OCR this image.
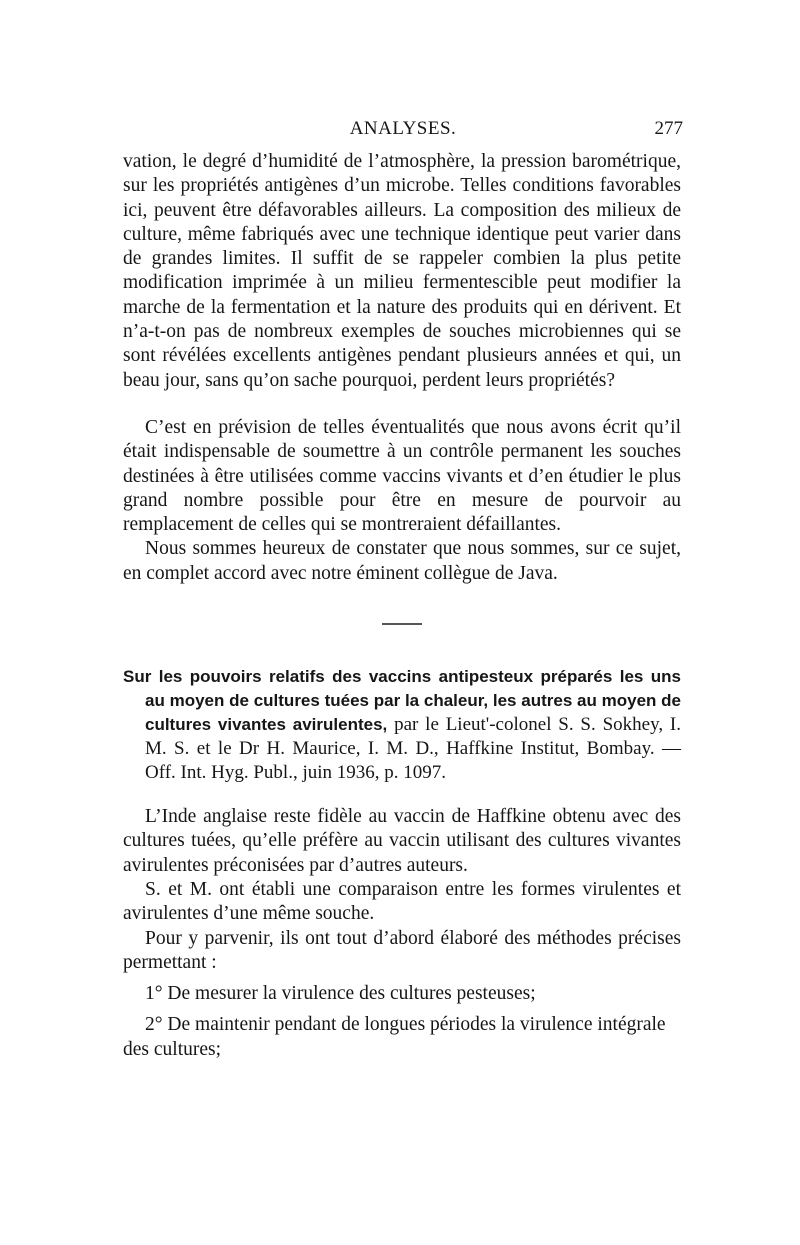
ANALYSES.	277

vation, le degré d’humidité de l’atmosphère, la pression barométrique, sur les propriétés antigènes d’un microbe. Telles conditions favorables ici, peuvent être défavorables ailleurs. La composition des milieux de culture, même fabriqués avec une technique identique peut varier dans de grandes limites. Il suffit de se rappeler combien la plus petite modification imprimée à un milieu fermentescible peut modifier la marche de la fermentation et la nature des produits qui en dérivent. Et n’a-t-on pas de nombreux exemples de souches microbiennes qui se sont révélées excellents antigènes pendant plusieurs années et qui, un beau jour, sans qu’on sache pourquoi, perdent leurs propriétés?

C’est en prévision de telles éventualités que nous avons écrit qu’il était indispensable de soumettre à un contrôle permanent les souches destinées à être utilisées comme vaccins vivants et d’en étudier le plus grand nombre possible pour être en mesure de pourvoir au remplacement de celles qui se montreraient défaillantes.

Nous sommes heureux de constater que nous sommes, sur ce sujet, en complet accord avec notre éminent collègue de Java.

Sur les pouvoirs relatifs des vaccins antipesteux préparés les uns au moyen de cultures tuées par la chaleur, les autres au moyen de cultures vivantes avirulentes, par le Lieut'-colonel S. S. Sokhey, I. M. S. et le Dr H. Maurice, I. M. D., Haffkine Institut, Bombay. — Off. Int. Hyg. Publ., juin 1936, p. 1097.

L’Inde anglaise reste fidèle au vaccin de Haffkine obtenu avec des cultures tuées, qu’elle préfère au vaccin utilisant des cultures vivantes avirulentes préconisées par d’autres auteurs.

S. et M. ont établi une comparaison entre les formes virulentes et avirulentes d’une même souche.

Pour y parvenir, ils ont tout d’abord élaboré des méthodes précises permettant :

1° De mesurer la virulence des cultures pesteuses;

2° De maintenir pendant de longues périodes la virulence intégrale des cultures;
